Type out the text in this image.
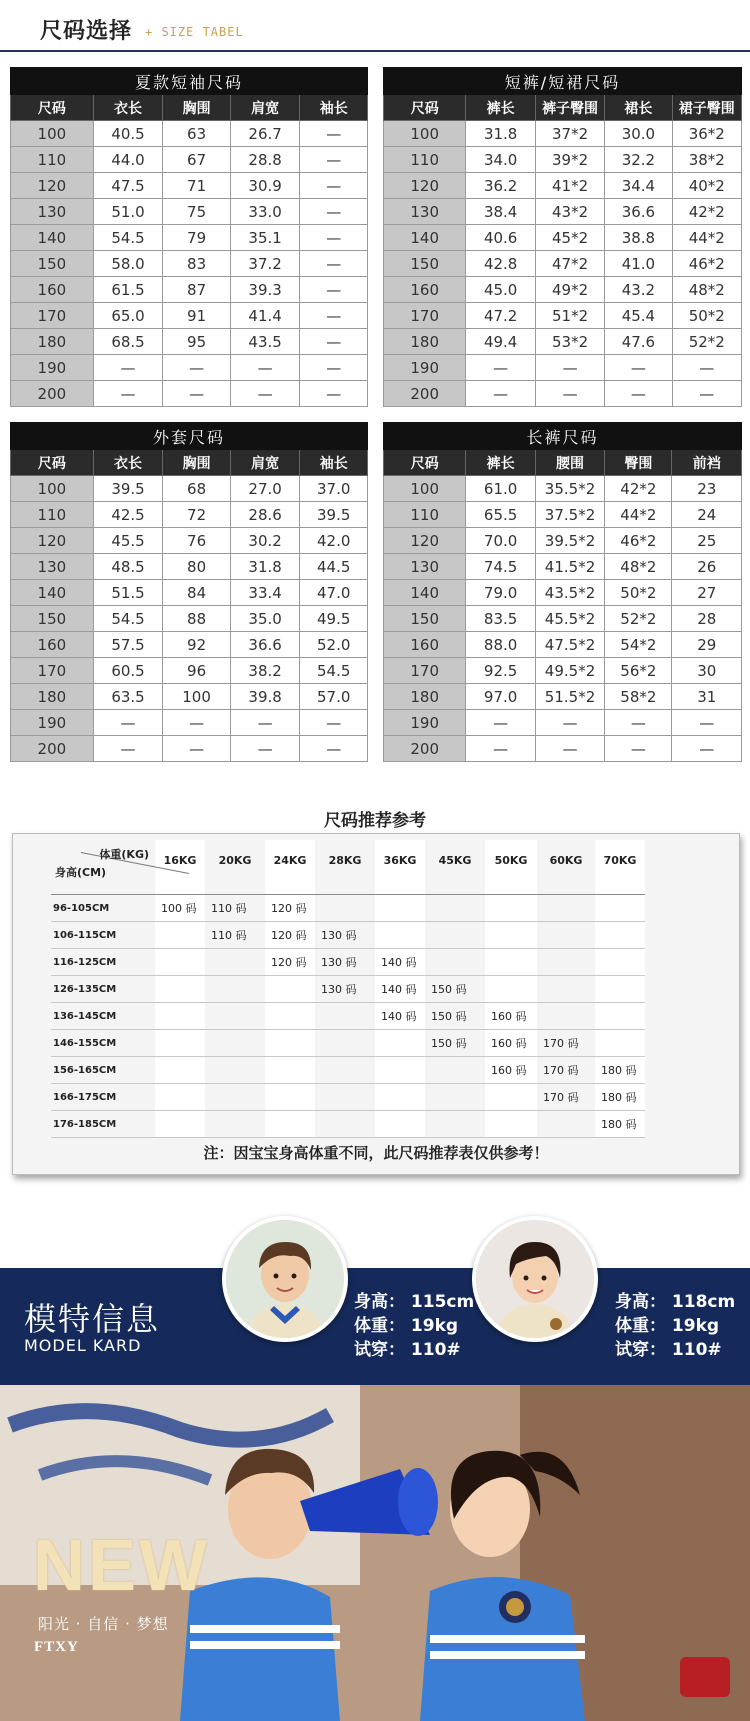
尺码选择 + SIZE TABEL
夏款短袖尺码				
尺码	衣长	胸围	肩宽	袖长
100	40.5	63	26.7	—
110	44.0	67	28.8	—
120	47.5	71	30.9	—
130	51.0	75	33.0	—
140	54.5	79	35.1	—
150	58.0	83	37.2	—
160	61.5	87	39.3	—
170	65.0	91	41.4	—
180	68.5	95	43.5	—
190	—	—	—	—
200	—	—	—	—
短裤/短裙尺码				
尺码	裤长	裤子臀围	裙长	裙子臀围
100	31.8	37*2	30.0	36*2
110	34.0	39*2	32.2	38*2
120	36.2	41*2	34.4	40*2
130	38.4	43*2	36.6	42*2
140	40.6	45*2	38.8	44*2
150	42.8	47*2	41.0	46*2
160	45.0	49*2	43.2	48*2
170	47.2	51*2	45.4	50*2
180	49.4	53*2	47.6	52*2
190	—	—	—	—
200	—	—	—	—
外套尺码				
尺码	衣长	胸围	肩宽	袖长
100	39.5	68	27.0	37.0
110	42.5	72	28.6	39.5
120	45.5	76	30.2	42.0
130	48.5	80	31.8	44.5
140	51.5	84	33.4	47.0
150	54.5	88	35.0	49.5
160	57.5	92	36.6	52.0
170	60.5	96	38.2	54.5
180	63.5	100	39.8	57.0
190	—	—	—	—
200	—	—	—	—
长裤尺码				
尺码	裤长	腰围	臀围	前裆
100	61.0	35.5*2	42*2	23
110	65.5	37.5*2	44*2	24
120	70.0	39.5*2	46*2	25
130	74.5	41.5*2	48*2	26
140	79.0	43.5*2	50*2	27
150	83.5	45.5*2	52*2	28
160	88.0	47.5*2	54*2	29
170	92.5	49.5*2	56*2	30
180	97.0	51.5*2	58*2	31
190	—	—	—	—
200	—	—	—	—
尺码推荐参考
体重(KG)
身高(CM)	16KG	20KG	24KG	28KG	36KG	45KG	50KG	60KG	70KG
96-105CM	100 码	110 码	120 码						
106-115CM		110 码	120 码	130 码					
116-125CM			120 码	130 码	140 码				
126-135CM				130 码	140 码	150 码			
136-145CM					140 码	150 码	160 码		
146-155CM						150 码	160 码	170 码	
156-165CM							160 码	170 码	180 码
166-175CM								170 码	180 码
176-185CM									180 码
注：因宝宝身高体重不同，此尺码推荐表仅供参考！
模特信息
MODEL KARD
身高： 115cm
体重： 19kg
试穿： 110#
身高： 118cm
体重： 19kg
试穿： 110#
NEW
阳光 · 自信 · 梦想
FTXY
